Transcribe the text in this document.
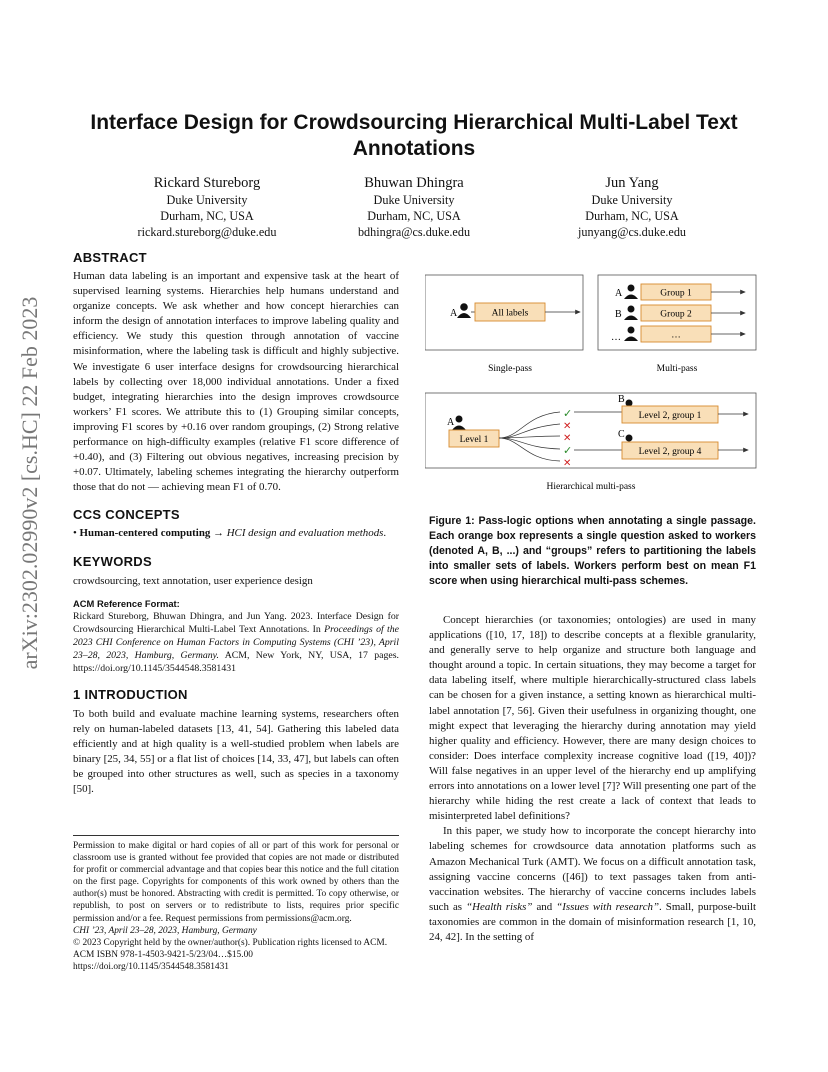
arXiv:2302.02990v2 [cs.HC] 22 Feb 2023
Interface Design for Crowdsourcing Hierarchical Multi-Label Text Annotations
Rickard Stureborg
Duke University
Durham, NC, USA
rickard.stureborg@duke.edu
Bhuwan Dhingra
Duke University
Durham, NC, USA
bdhingra@cs.duke.edu
Jun Yang
Duke University
Durham, NC, USA
junyang@cs.duke.edu
ABSTRACT

Human data labeling is an important and expensive task at the heart of supervised learning systems. Hierarchies help humans understand and organize concepts. We ask whether and how concept hierarchies can inform the design of annotation interfaces to improve labeling quality and efficiency. We study this question through annotation of vaccine misinformation, where the labeling task is difficult and highly subjective. We investigate 6 user interface designs for crowdsourcing hierarchical labels by collecting over 18,000 individual annotations. Under a fixed budget, integrating hierarchies into the design improves crowdsource workers’ F1 scores. We attribute this to (1) Grouping similar concepts, improving F1 scores by +0.16 over random groupings, (2) Strong relative performance on high-difficulty examples (relative F1 score difference of +0.40), and (3) Filtering out obvious negatives, increasing precision by +0.07. Ultimately, labeling schemes integrating the hierarchy outperform those that do not — achieving mean F1 of 0.70.

CCS CONCEPTS

• Human-centered computing → HCI design and evaluation methods.

KEYWORDS

crowdsourcing, text annotation, user experience design

ACM Reference Format:

Rickard Stureborg, Bhuwan Dhingra, and Jun Yang. 2023. Interface Design for Crowdsourcing Hierarchical Multi-Label Text Annotations. In Proceedings of the 2023 CHI Conference on Human Factors in Computing Systems (CHI ’23), April 23–28, 2023, Hamburg, Germany. ACM, New York, NY, USA, 17 pages. https://doi.org/10.1145/3544548.3581431

1 INTRODUCTION

To both build and evaluate machine learning systems, researchers often rely on human-labeled datasets [13, 41, 54]. Gathering this labeled data efficiently and at high quality is a well-studied problem when labels are binary [25, 34, 55] or a flat list of choices [14, 33, 47], but labels can often be grouped into other structures as well, such as species in a taxonomy [50].

Permission to make digital or hard copies of all or part of this work for personal or classroom use is granted without fee provided that copies are not made or distributed for profit or commercial advantage and that copies bear this notice and the full citation on the first page. Copyrights for components of this work owned by others than the author(s) must be honored. Abstracting with credit is permitted. To copy otherwise, or republish, to post on servers or to redistribute to lists, requires prior specific permission and/or a fee. Request permissions from permissions@acm.org.

CHI ’23, April 23–28, 2023, Hamburg, Germany

© 2023 Copyright held by the owner/author(s). Publication rights licensed to ACM.

ACM ISBN 978-1-4503-9421-5/23/04…$15.00

https://doi.org/10.1145/3544548.3581431

A	All labels
Single-pass
A	Group 1
B	Group 2
…	…
Multi-pass
A
Level 1
✓
✕
✕
✓
✕
B
Level 2, group 1
C
Level 2, group 4
Hierarchical multi-pass

Figure 1: Pass-logic options when annotating a single passage. Each orange box represents a single question asked to workers (denoted A, B, ...) and “groups” refers to partitioning the labels into smaller sets of labels. Workers perform best on mean F1 score when using hierarchical multi-pass schemes.

Concept hierarchies (or taxonomies; ontologies) are used in many applications ([10, 17, 18]) to describe concepts at a flexible granularity, and generally serve to help organize and structure both language and thought around a topic. In certain situations, they may become a target for data labeling itself, where multiple hierarchically-structured class labels can be chosen for a given instance, a setting known as hierarchical multi-label annotation [7, 56]. Given their usefulness in organizing thought, one might expect that leveraging the hierarchy during annotation may yield higher quality and efficiency. However, there are many design choices to consider: Does interface complexity increase cognitive load ([19, 40])? Will false negatives in an upper level of the hierarchy end up amplifying errors into annotations on a lower level [7]? Will presenting one part of the hierarchy while hiding the rest create a lack of context that leads to misinterpreted label definitions?

In this paper, we study how to incorporate the concept hierarchy into labeling schemes for crowdsource data annotation platforms such as Amazon Mechanical Turk (AMT). We focus on a difficult annotation task, assigning vaccine concerns ([46]) to text passages taken from anti-vaccination websites. The hierarchy of vaccine concerns includes labels such as “Health risks” and “Issues with research”. Small, purpose-built taxonomies are common in the domain of misinformation research [1, 10, 24, 42]. In the setting of
